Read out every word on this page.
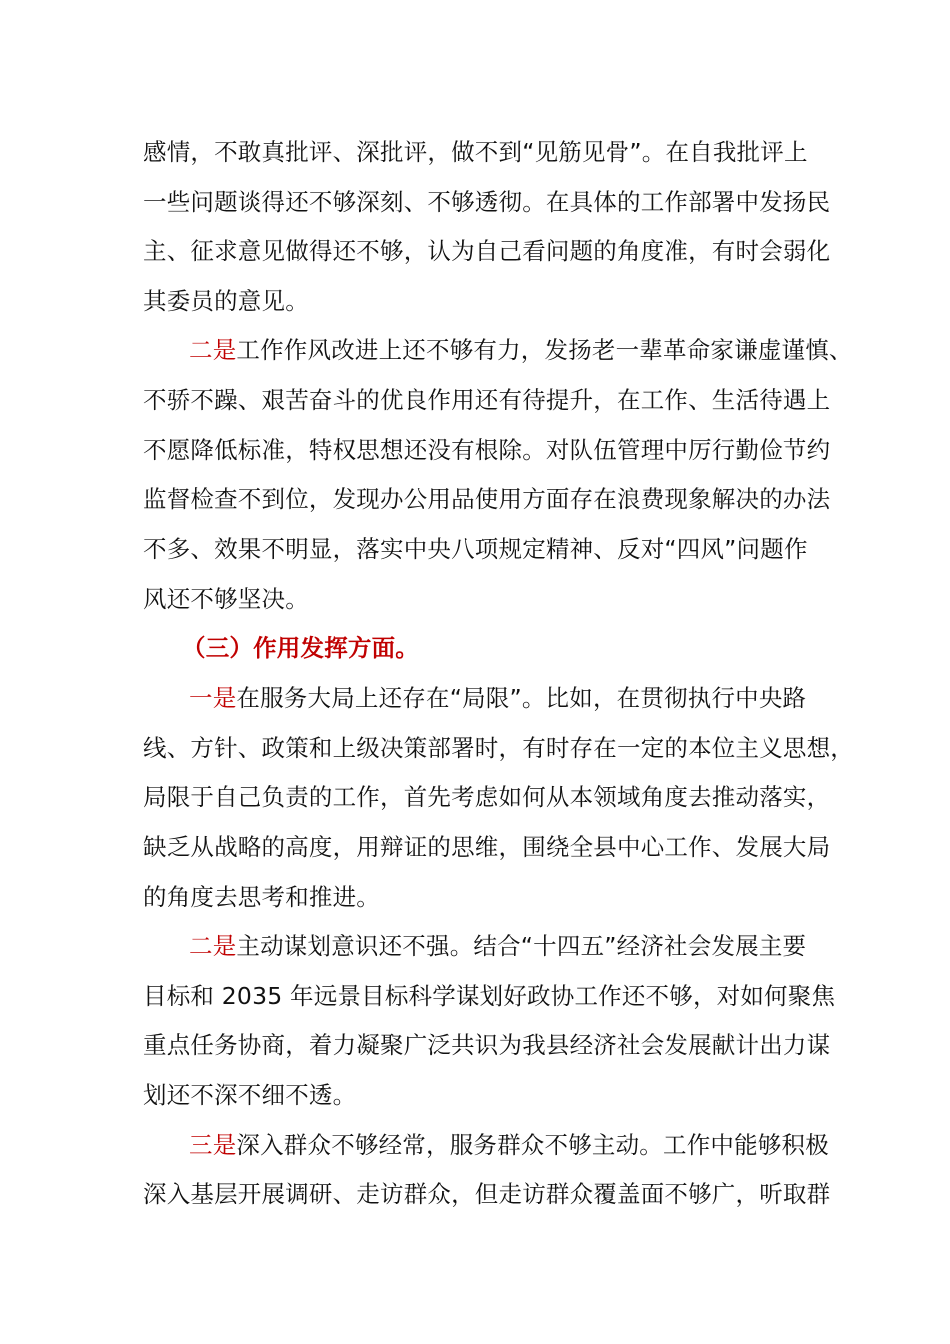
感情，不敢真批评、深批评，做不到“见筋见骨”。在自我批评上
一些问题谈得还不够深刻、不够透彻。在具体的工作部署中发扬民
主、征求意见做得还不够，认为自己看问题的角度准，有时会弱化
其委员的意见。
二是工作作风改进上还不够有力，发扬老一辈革命家谦虚谨慎、
不骄不躁、艰苦奋斗的优良作用还有待提升，在工作、生活待遇上
不愿降低标准，特权思想还没有根除。对队伍管理中厉行勤俭节约
监督检查不到位，发现办公用品使用方面存在浪费现象解决的办法
不多、效果不明显，落实中央八项规定精神、反对“四风”问题作
风还不够坚决。
（三）作用发挥方面。
一是在服务大局上还存在“局限”。比如，在贯彻执行中央路
线、方针、政策和上级决策部署时，有时存在一定的本位主义思想，
局限于自己负责的工作，首先考虑如何从本领域角度去推动落实，
缺乏从战略的高度，用辩证的思维，围绕全县中心工作、发展大局
的角度去思考和推进。
二是主动谋划意识还不强。结合“十四五”经济社会发展主要
目标和 2035 年远景目标科学谋划好政协工作还不够，对如何聚焦
重点任务协商，着力凝聚广泛共识为我县经济社会发展献计出力谋
划还不深不细不透。
三是深入群众不够经常，服务群众不够主动。工作中能够积极
深入基层开展调研、走访群众，但走访群众覆盖面不够广，听取群
